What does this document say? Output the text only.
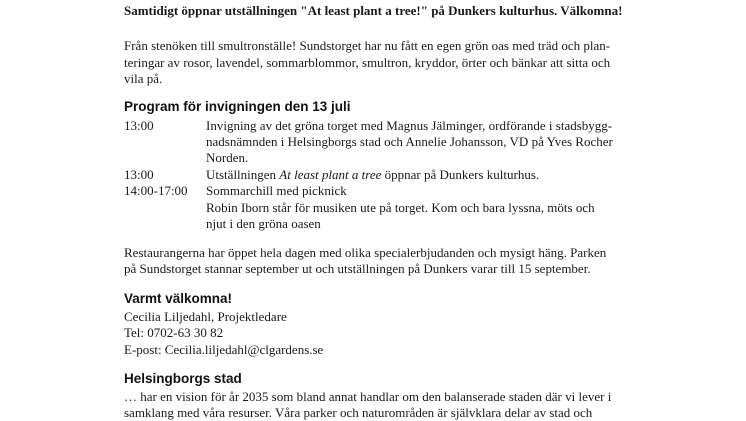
Samtidigt öppnar utställningen "At least plant a tree!" på Dunkers kulturhus. Välkomna!
Från stenöken till smultronställe! Sundstorget har nu fått en egen grön oas med träd och plan-
teringar av rosor, lavendel, sommarblommor, smultron, kryddor, örter och bänkar att sitta och
vila på.
Program för invigningen den 13 juli
13:00	Invigning av det gröna torget med Magnus Jälminger, ordförande i stadsbygg-
nadsnämnden i Helsingborgs stad och Annelie Johansson, VD på Yves Rocher
Norden.
13:00	Utställningen At least plant a tree öppnar på Dunkers kulturhus.
14:00-17:00 Sommarchill med picknick
Robin Iborn står för musiken ute på torget. Kom och bara lyssna, möts och
njut i den gröna oasen
Restaurangerna har öppet hela dagen med olika specialerbjudanden och mysigt häng. Parken
på Sundstorget stannar september ut och utställningen på Dunkers varar till 15 september.
Varmt välkomna!
Cecilia Liljedahl, Projektledare
Tel: 0702-63 30 82
E-post: Cecilia.liljedahl@clgardens.se
Helsingborgs stad
… har en vision för år 2035 som bland annat handlar om den balanserade staden där vi lever i
samklang med våra resurser. Våra parker och naturområden är självklara delar av stad och
